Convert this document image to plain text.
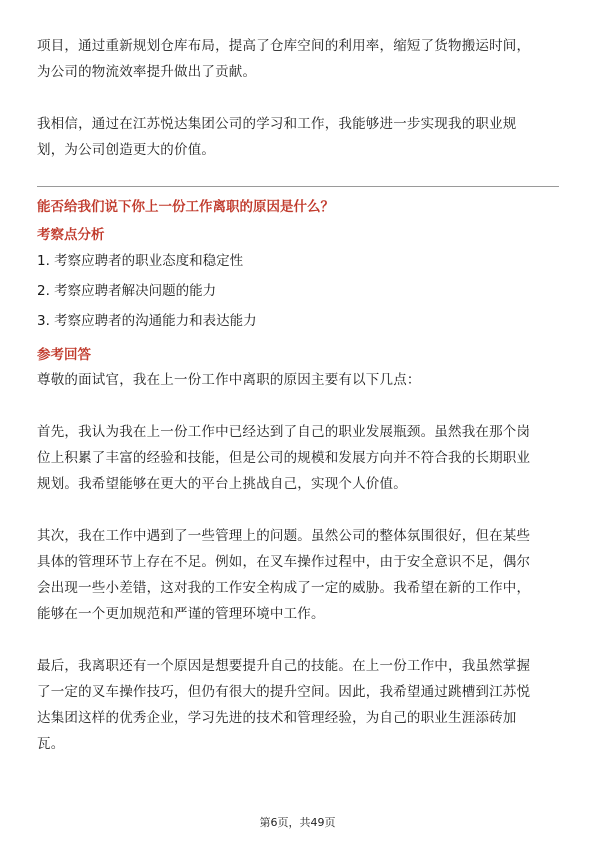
项目，通过重新规划仓库布局，提高了仓库空间的利用率，缩短了货物搬运时间，
为公司的物流效率提升做出了贡献。

我相信，通过在江苏悦达集团公司的学习和工作，我能够进一步实现我的职业规
划，为公司创造更大的价值。

能否给我们说下你上一份工作离职的原因是什么？
考察点分析
1. 考察应聘者的职业态度和稳定性
2. 考察应聘者解决问题的能力
3. 考察应聘者的沟通能力和表达能力
参考回答

尊敬的面试官，我在上一份工作中离职的原因主要有以下几点：

首先，我认为我在上一份工作中已经达到了自己的职业发展瓶颈。虽然我在那个岗
位上积累了丰富的经验和技能，但是公司的规模和发展方向并不符合我的长期职业
规划。我希望能够在更大的平台上挑战自己，实现个人价值。

其次，我在工作中遇到了一些管理上的问题。虽然公司的整体氛围很好，但在某些
具体的管理环节上存在不足。例如，在叉车操作过程中，由于安全意识不足，偶尔
会出现一些小差错，这对我的工作安全构成了一定的威胁。我希望在新的工作中，
能够在一个更加规范和严谨的管理环境中工作。

最后，我离职还有一个原因是想要提升自己的技能。在上一份工作中，我虽然掌握
了一定的叉车操作技巧，但仍有很大的提升空间。因此，我希望通过跳槽到江苏悦
达集团这样的优秀企业，学习先进的技术和管理经验，为自己的职业生涯添砖加
瓦。

第6页，共49页
